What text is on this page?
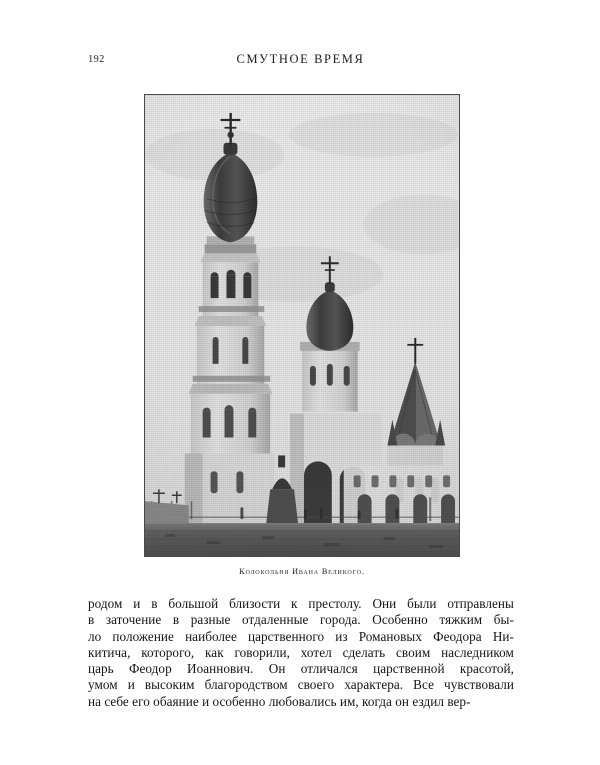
192	СМУТНОЕ ВРЕМЯ
Колокольня Ивана Великого.
родом и в большой близости к престолу. Они были отправлены
в заточение в разные отдаленные города. Особенно тяжким бы-
ло положение наиболее царственного из Романовых Феодора Ни-
китича, которого, как говорили, хотел сделать своим наследником
царь Феодор Иоаннович. Он отличался царственной красотой,
умом и высоким благородством своего характера. Все чувствовали
на себе его обаяние и особенно любовались им, когда он ездил вер-
